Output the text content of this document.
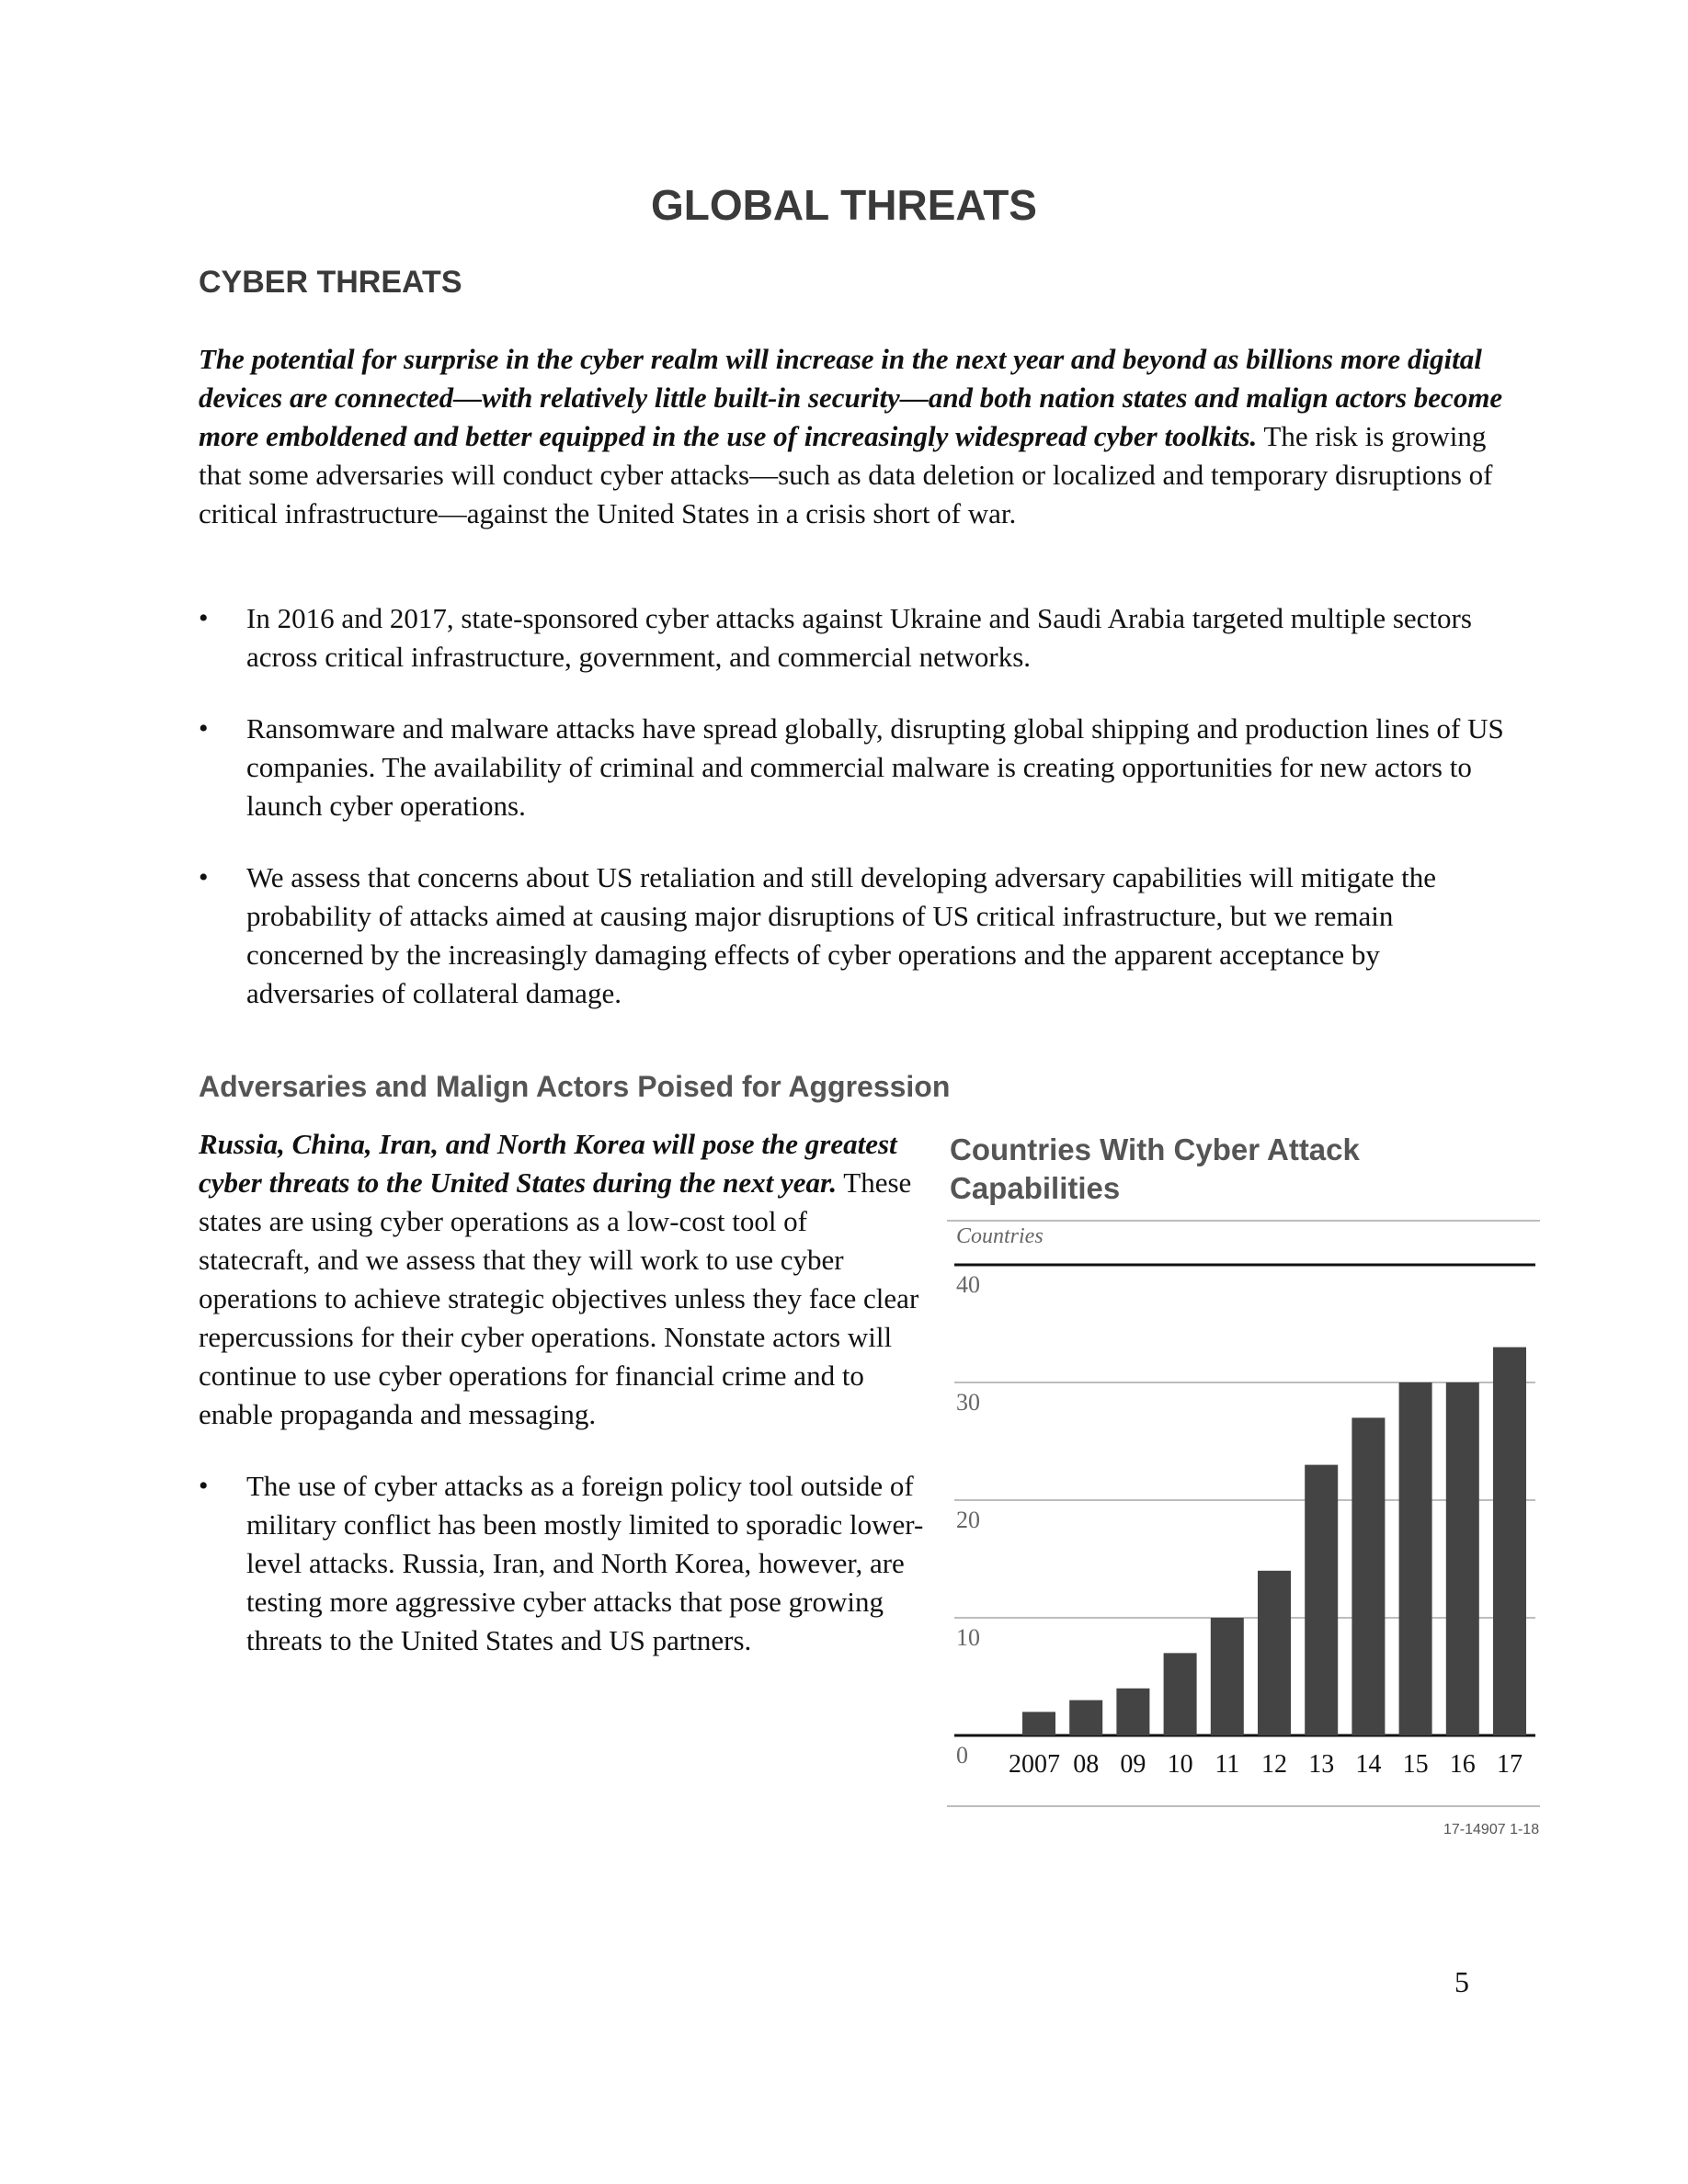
GLOBAL THREATS
CYBER THREATS
The potential for surprise in the cyber realm will increase in the next year and beyond as billions more digital devices are connected—with relatively little built-in security—and both nation states and malign actors become more emboldened and better equipped in the use of increasingly widespread cyber toolkits. The risk is growing that some adversaries will conduct cyber attacks—such as data deletion or localized and temporary disruptions of critical infrastructure—against the United States in a crisis short of war.
• In 2016 and 2017, state-sponsored cyber attacks against Ukraine and Saudi Arabia targeted multiple sectors across critical infrastructure, government, and commercial networks.
• Ransomware and malware attacks have spread globally, disrupting global shipping and production lines of US companies. The availability of criminal and commercial malware is creating opportunities for new actors to launch cyber operations.
• We assess that concerns about US retaliation and still developing adversary capabilities will mitigate the probability of attacks aimed at causing major disruptions of US critical infrastructure, but we remain concerned by the increasingly damaging effects of cyber operations and the apparent acceptance by adversaries of collateral damage.
Adversaries and Malign Actors Poised for Aggression

Russia, China, Iran, and North Korea will pose the greatest cyber threats to the United States during the next year. These states are using cyber operations as a low-cost tool of statecraft, and we assess that they will work to use cyber operations to achieve strategic objectives unless they face clear repercussions for their cyber operations. Nonstate actors will continue to use cyber operations for financial crime and to enable propaganda and messaging.

• The use of cyber attacks as a foreign policy tool outside of military conflict has been mostly limited to sporadic lower-level attacks. Russia, Iran, and North Korea, however, are testing more aggressive cyber attacks that pose growing threats to the United States and US partners.
Countries With Cyber Attack Capabilities
Countries
0
10
20
30
40
2007 08 09 10 11 12 13 14 15 16 17
17-14907 1-18
5
